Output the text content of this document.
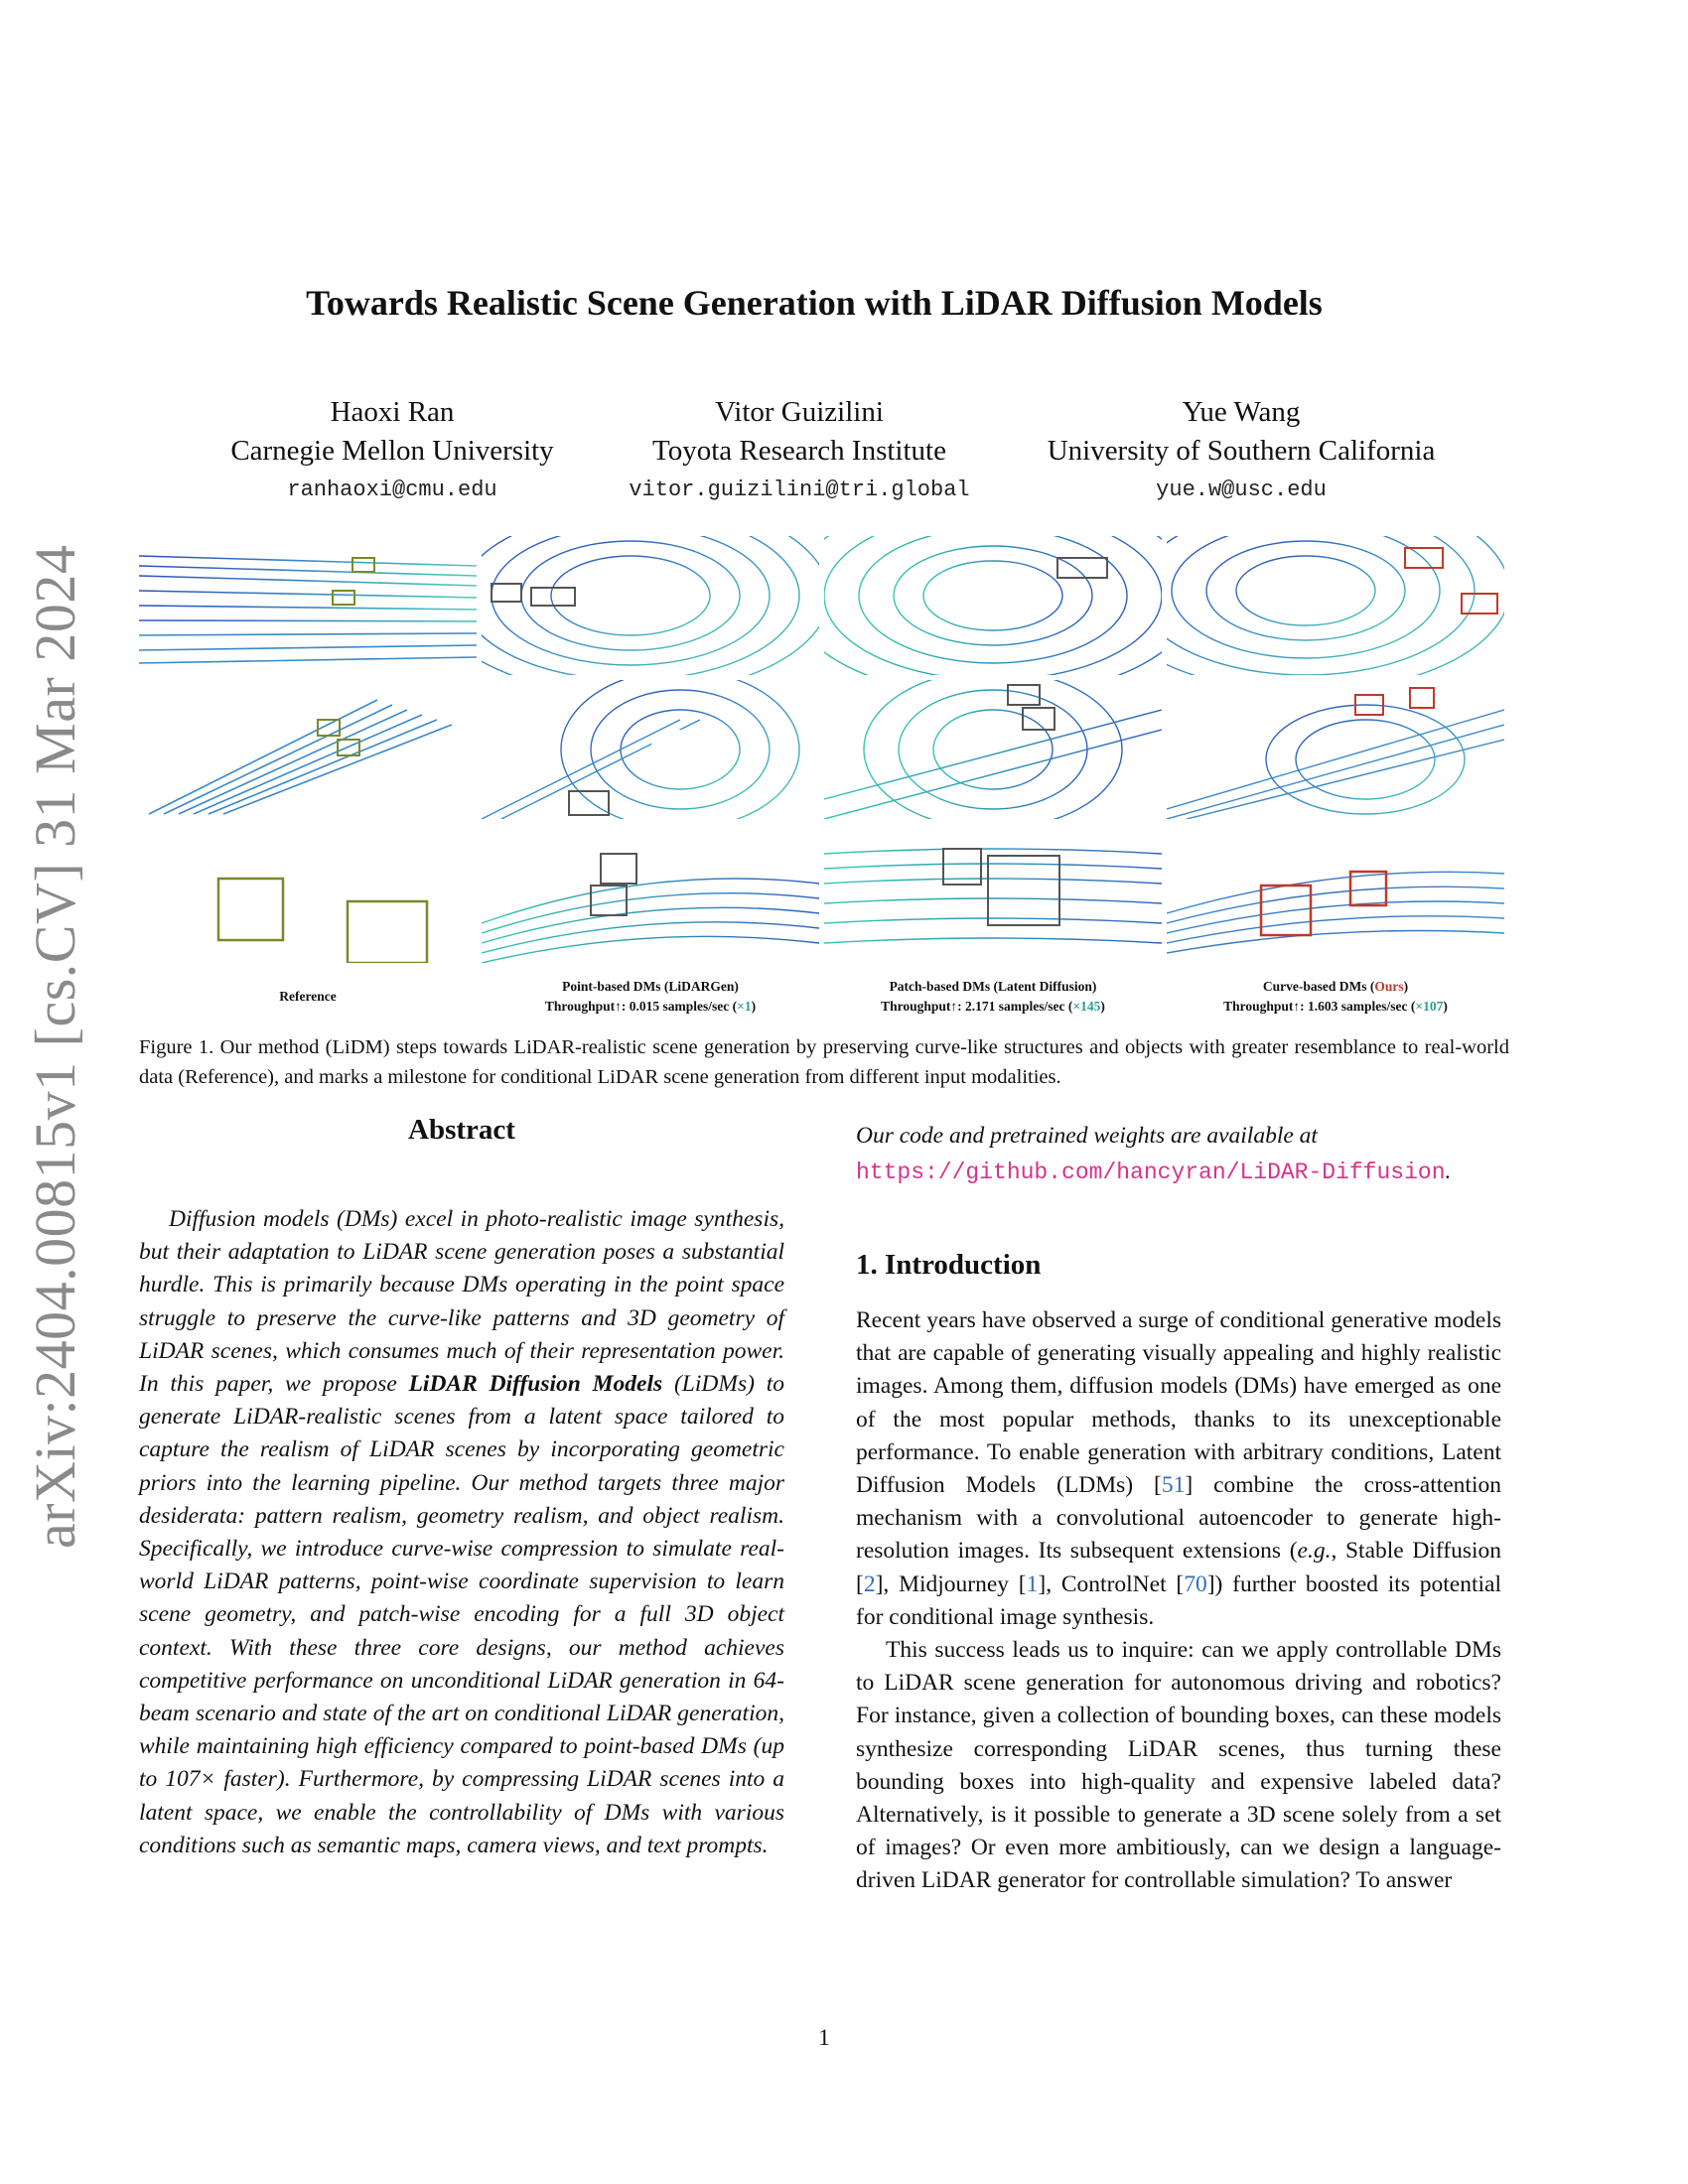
arXiv:2404.00815v1 [cs.CV] 31 Mar 2024
Towards Realistic Scene Generation with LiDAR Diffusion Models
Haoxi Ran
Carnegie Mellon University
ranhaoxi@cmu.edu
Vitor Guizilini
Toyota Research Institute
vitor.guizilini@tri.global
Yue Wang
University of Southern California
yue.w@usc.edu
Reference
Point-based DMs (LiDARGen)
Throughput↑: 0.015 samples/sec (×1)
Patch-based DMs (Latent Diffusion)
Throughput↑: 2.171 samples/sec (×145)
Curve-based DMs (Ours)
Throughput↑: 1.603 samples/sec (×107)
Figure 1. Our method (LiDM) steps towards LiDAR-realistic scene generation by preserving curve-like structures and objects with greater resemblance to real-world data (Reference), and marks a milestone for conditional LiDAR scene generation from different input modalities.
Abstract
Diffusion models (DMs) excel in photo-realistic image synthesis, but their adaptation to LiDAR scene generation poses a substantial hurdle. This is primarily because DMs operating in the point space struggle to preserve the curve-like patterns and 3D geometry of LiDAR scenes, which consumes much of their representation power. In this paper, we propose LiDAR Diffusion Models (LiDMs) to generate LiDAR-realistic scenes from a latent space tailored to capture the realism of LiDAR scenes by incorporating geometric priors into the learning pipeline. Our method targets three major desiderata: pattern realism, geometry realism, and object realism. Specifically, we introduce curve-wise compression to simulate real-world LiDAR patterns, point-wise coordinate supervision to learn scene geometry, and patch-wise encoding for a full 3D object context. With these three core designs, our method achieves competitive performance on unconditional LiDAR generation in 64-beam scenario and state of the art on conditional LiDAR generation, while maintaining high efficiency compared to point-based DMs (up to 107× faster). Furthermore, by compressing LiDAR scenes into a latent space, we enable the controllability of DMs with various conditions such as semantic maps, camera views, and text prompts.
Our code and pretrained weights are available at https://github.com/hancyran/LiDAR-Diffusion.
1. Introduction

Recent years have observed a surge of conditional generative models that are capable of generating visually appealing and highly realistic images. Among them, diffusion models (DMs) have emerged as one of the most popular methods, thanks to its unexceptionable performance. To enable generation with arbitrary conditions, Latent Diffusion Models (LDMs) [51] combine the cross-attention mechanism with a convolutional autoencoder to generate high-resolution images. Its subsequent extensions (e.g., Stable Diffusion [2], Midjourney [1], ControlNet [70]) further boosted its potential for conditional image synthesis.

This success leads us to inquire: can we apply controllable DMs to LiDAR scene generation for autonomous driving and robotics? For instance, given a collection of bounding boxes, can these models synthesize corresponding LiDAR scenes, thus turning these bounding boxes into high-quality and expensive labeled data? Alternatively, is it possible to generate a 3D scene solely from a set of images? Or even more ambitiously, can we design a language-driven LiDAR generator for controllable simulation? To answer

1
